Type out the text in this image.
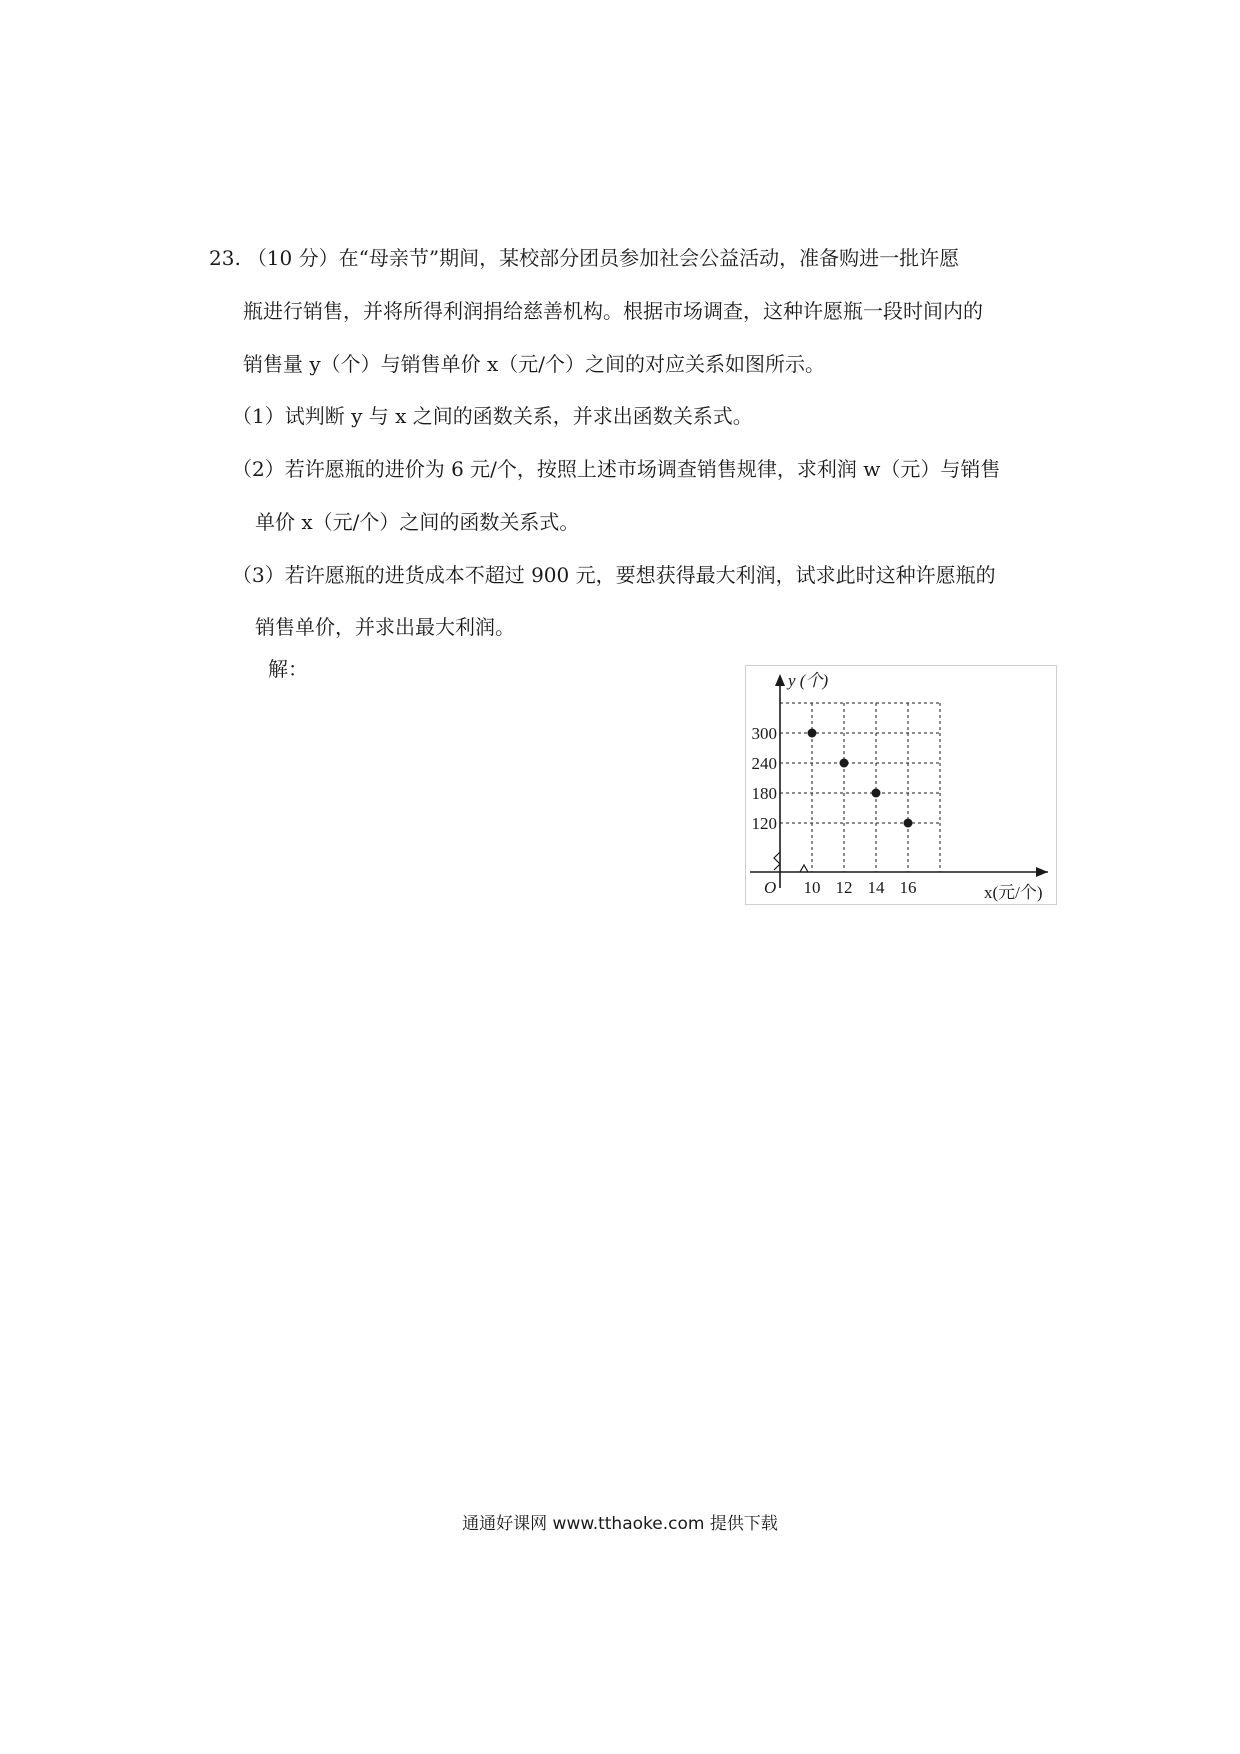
23. （10 分）在“母亲节”期间，某校部分团员参加社会公益活动，准备购进一批许愿
瓶进行销售，并将所得利润捐给慈善机构。根据市场调查，这种许愿瓶一段时间内的
销售量 y（个）与销售单价 x（元/个）之间的对应关系如图所示。
（1）试判断 y 与 x 之间的函数关系，并求出函数关系式。
（2）若许愿瓶的进价为 6 元/个，按照上述市场调查销售规律，求利润 w（元）与销售
单价 x（元/个）之间的函数关系式。
（3）若许愿瓶的进货成本不超过 900 元，要想获得最大利润，试求此时这种许愿瓶的
销售单价，并求出最大利润。
解：	y (个)
x(元/个)
O
120
180
240
300
10 12 14 16
通通好课网 www.tthaoke.com 提供下载
